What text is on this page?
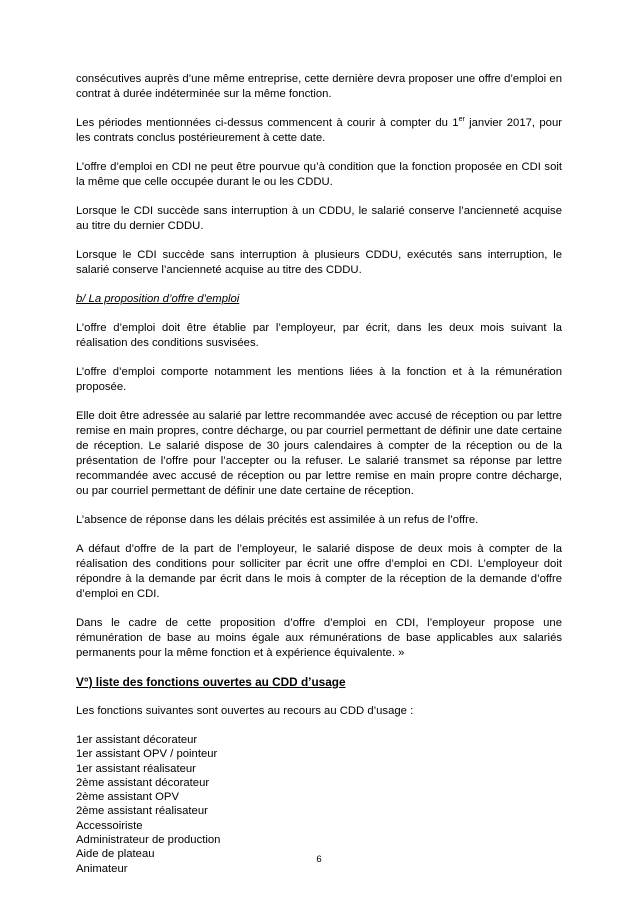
consécutives auprès d’une même entreprise, cette dernière devra proposer une offre d’emploi en contrat à durée indéterminée sur la même fonction.

Les périodes mentionnées ci-dessus commencent à courir à compter du 1er janvier 2017, pour les contrats conclus postérieurement à cette date.

L’offre d’emploi en CDI ne peut être pourvue qu’à condition que la fonction proposée en CDI soit la même que celle occupée durant le ou les CDDU.

Lorsque le CDI succède sans interruption à un CDDU, le salarié conserve l’ancienneté acquise au titre du dernier CDDU.

Lorsque le CDI succède sans interruption à plusieurs CDDU, exécutés sans interruption, le salarié conserve l’ancienneté acquise au titre des CDDU.

b/ La proposition d’offre d’emploi

L’offre d’emploi doit être établie par l’employeur, par écrit, dans les deux mois suivant la réalisation des conditions susvisées.

L’offre d’emploi comporte notamment les mentions liées à la fonction et à la rémunération proposée.

Elle doit être adressée au salarié par lettre recommandée avec accusé de réception ou par lettre remise en main propres, contre décharge, ou par courriel permettant de définir une date certaine de réception. Le salarié dispose de 30 jours calendaires à compter de la réception ou de la présentation de l’offre pour l’accepter ou la refuser. Le salarié transmet sa réponse par lettre recommandée avec accusé de réception ou par lettre remise en main propre contre décharge, ou par courriel permettant de définir une date certaine de réception.

L’absence de réponse dans les délais précités est assimilée à un refus de l’offre.

A défaut d’offre de la part de l’employeur, le salarié dispose de deux mois à compter de la réalisation des conditions pour solliciter par écrit une offre d’emploi en CDI. L’employeur doit répondre à la demande par écrit dans le mois à compter de la réception de la demande d’offre d’emploi en CDI.

Dans le cadre de cette proposition d’offre d’emploi en CDI, l’employeur propose une rémunération de base au moins égale aux rémunérations de base applicables aux salariés permanents pour la même fonction et à expérience équivalente. »

V°) liste des fonctions ouvertes au CDD d’usage

Les fonctions suivantes sont ouvertes au recours au CDD d’usage :

1er assistant décorateur
1er assistant OPV / pointeur
1er assistant réalisateur
2ème assistant décorateur
2ème assistant OPV
2ème assistant réalisateur
Accessoiriste
Administrateur de production
Aide de plateau
Animateur
6
